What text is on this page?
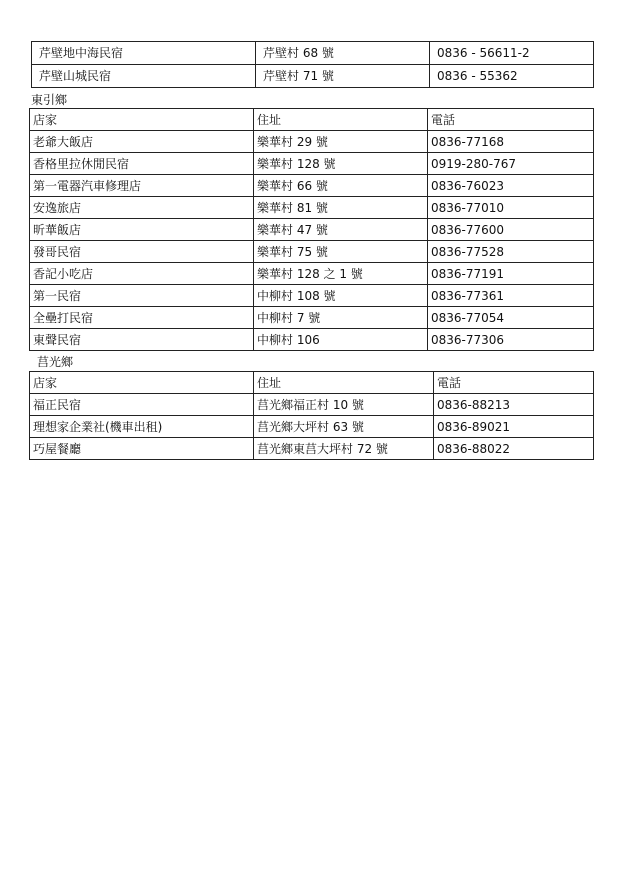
芹壁地中海民宿	芹壁村 68 號	0836 - 56611-2
芹壁山城民宿	芹壁村 71 號	0836 - 55362
東引鄉
店家	住址	電話
老爺大飯店	樂華村 29 號	0836-77168
香格里拉休閒民宿	樂華村 128 號	0919-280-767
第一電器汽車修理店	樂華村 66 號	0836-76023
安逸旅店	樂華村 81 號	0836-77010
昕華飯店	樂華村 47 號	0836-77600
發哥民宿	樂華村 75 號	0836-77528
香記小吃店	樂華村 128 之 1 號	0836-77191
第一民宿	中柳村 108 號	0836-77361
全壘打民宿	中柳村 7 號	0836-77054
東聲民宿	中柳村 106	0836-77306
莒光鄉
店家	住址	電話
福正民宿	莒光鄉福正村 10 號	0836-88213
理想家企業社(機車出租)	莒光鄉大坪村 63 號	0836-89021
巧屋餐廳	莒光鄉東莒大坪村 72 號	0836-88022
